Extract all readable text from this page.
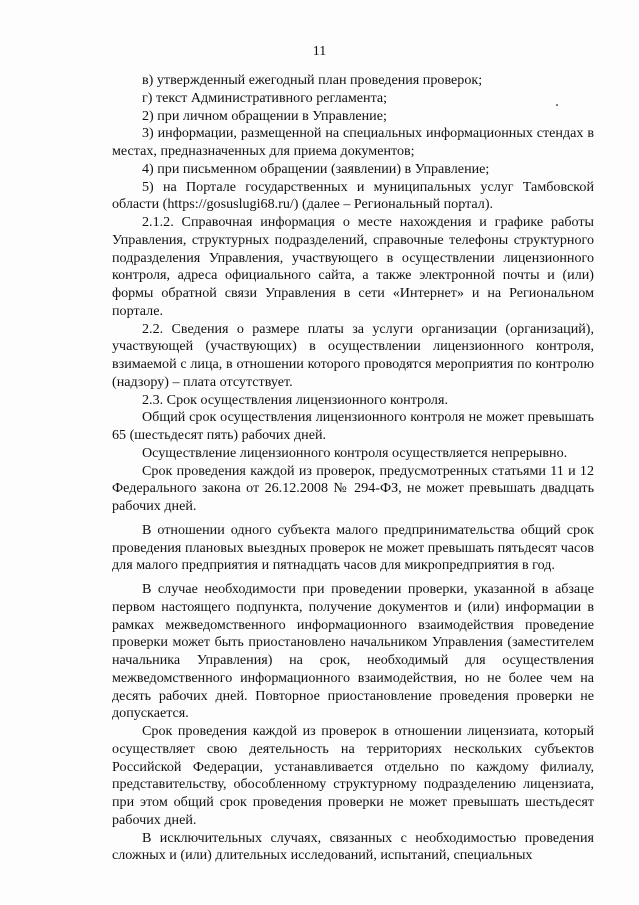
11

в) утвержденный ежегодный план проведения проверок;

г) текст Административного регламента;

2) при личном обращении в Управление;

3) информации, размещенной на специальных информационных стендах в местах, предназначенных для приема документов;

4) при письменном обращении (заявлении) в Управление;

5) на Портале государственных и муниципальных услуг Тамбовской области (https://gosuslugi68.ru/) (далее – Региональный портал).

2.1.2. Справочная информация о месте нахождения и графике работы Управления, структурных подразделений, справочные телефоны структурного подразделения Управления, участвующего в осуществлении лицензионного контроля, адреса официального сайта, а также электронной почты и (или) формы обратной связи Управления в сети «Интернет» и на Региональном портале.

2.2. Сведения о размере платы за услуги организации (организаций), участвующей (участвующих) в осуществлении лицензионного контроля, взимаемой с лица, в отношении которого проводятся мероприятия по контролю (надзору) – плата отсутствует.

2.3. Срок осуществления лицензионного контроля.

Общий срок осуществления лицензионного контроля не может превышать 65 (шестьдесят пять) рабочих дней.

Осуществление лицензионного контроля осуществляется непрерывно.

Срок проведения каждой из проверок, предусмотренных статьями 11 и 12 Федерального закона от 26.12.2008 № 294-ФЗ, не может превышать двадцать рабочих дней.

В отношении одного субъекта малого предпринимательства общий срок проведения плановых выездных проверок не может превышать пятьдесят часов для малого предприятия и пятнадцать часов для микропредприятия в год.

В случае необходимости при проведении проверки, указанной в абзаце первом настоящего подпункта, получение документов и (или) информации в рамках межведомственного информационного взаимодействия проведение проверки может быть приостановлено начальником Управления (заместителем начальника Управления) на срок, необходимый для осуществления межведомственного информационного взаимодействия, но не более чем на десять рабочих дней. Повторное приостановление проведения проверки не допускается.

Срок проведения каждой из проверок в отношении лицензиата, который осуществляет свою деятельность на территориях нескольких субъектов Российской Федерации, устанавливается отдельно по каждому филиалу, представительству, обособленному структурному подразделению лицензиата, при этом общий срок проведения проверки не может превышать шестьдесят рабочих дней.

В исключительных случаях, связанных с необходимостью проведения сложных и (или) длительных исследований, испытаний, специальных
